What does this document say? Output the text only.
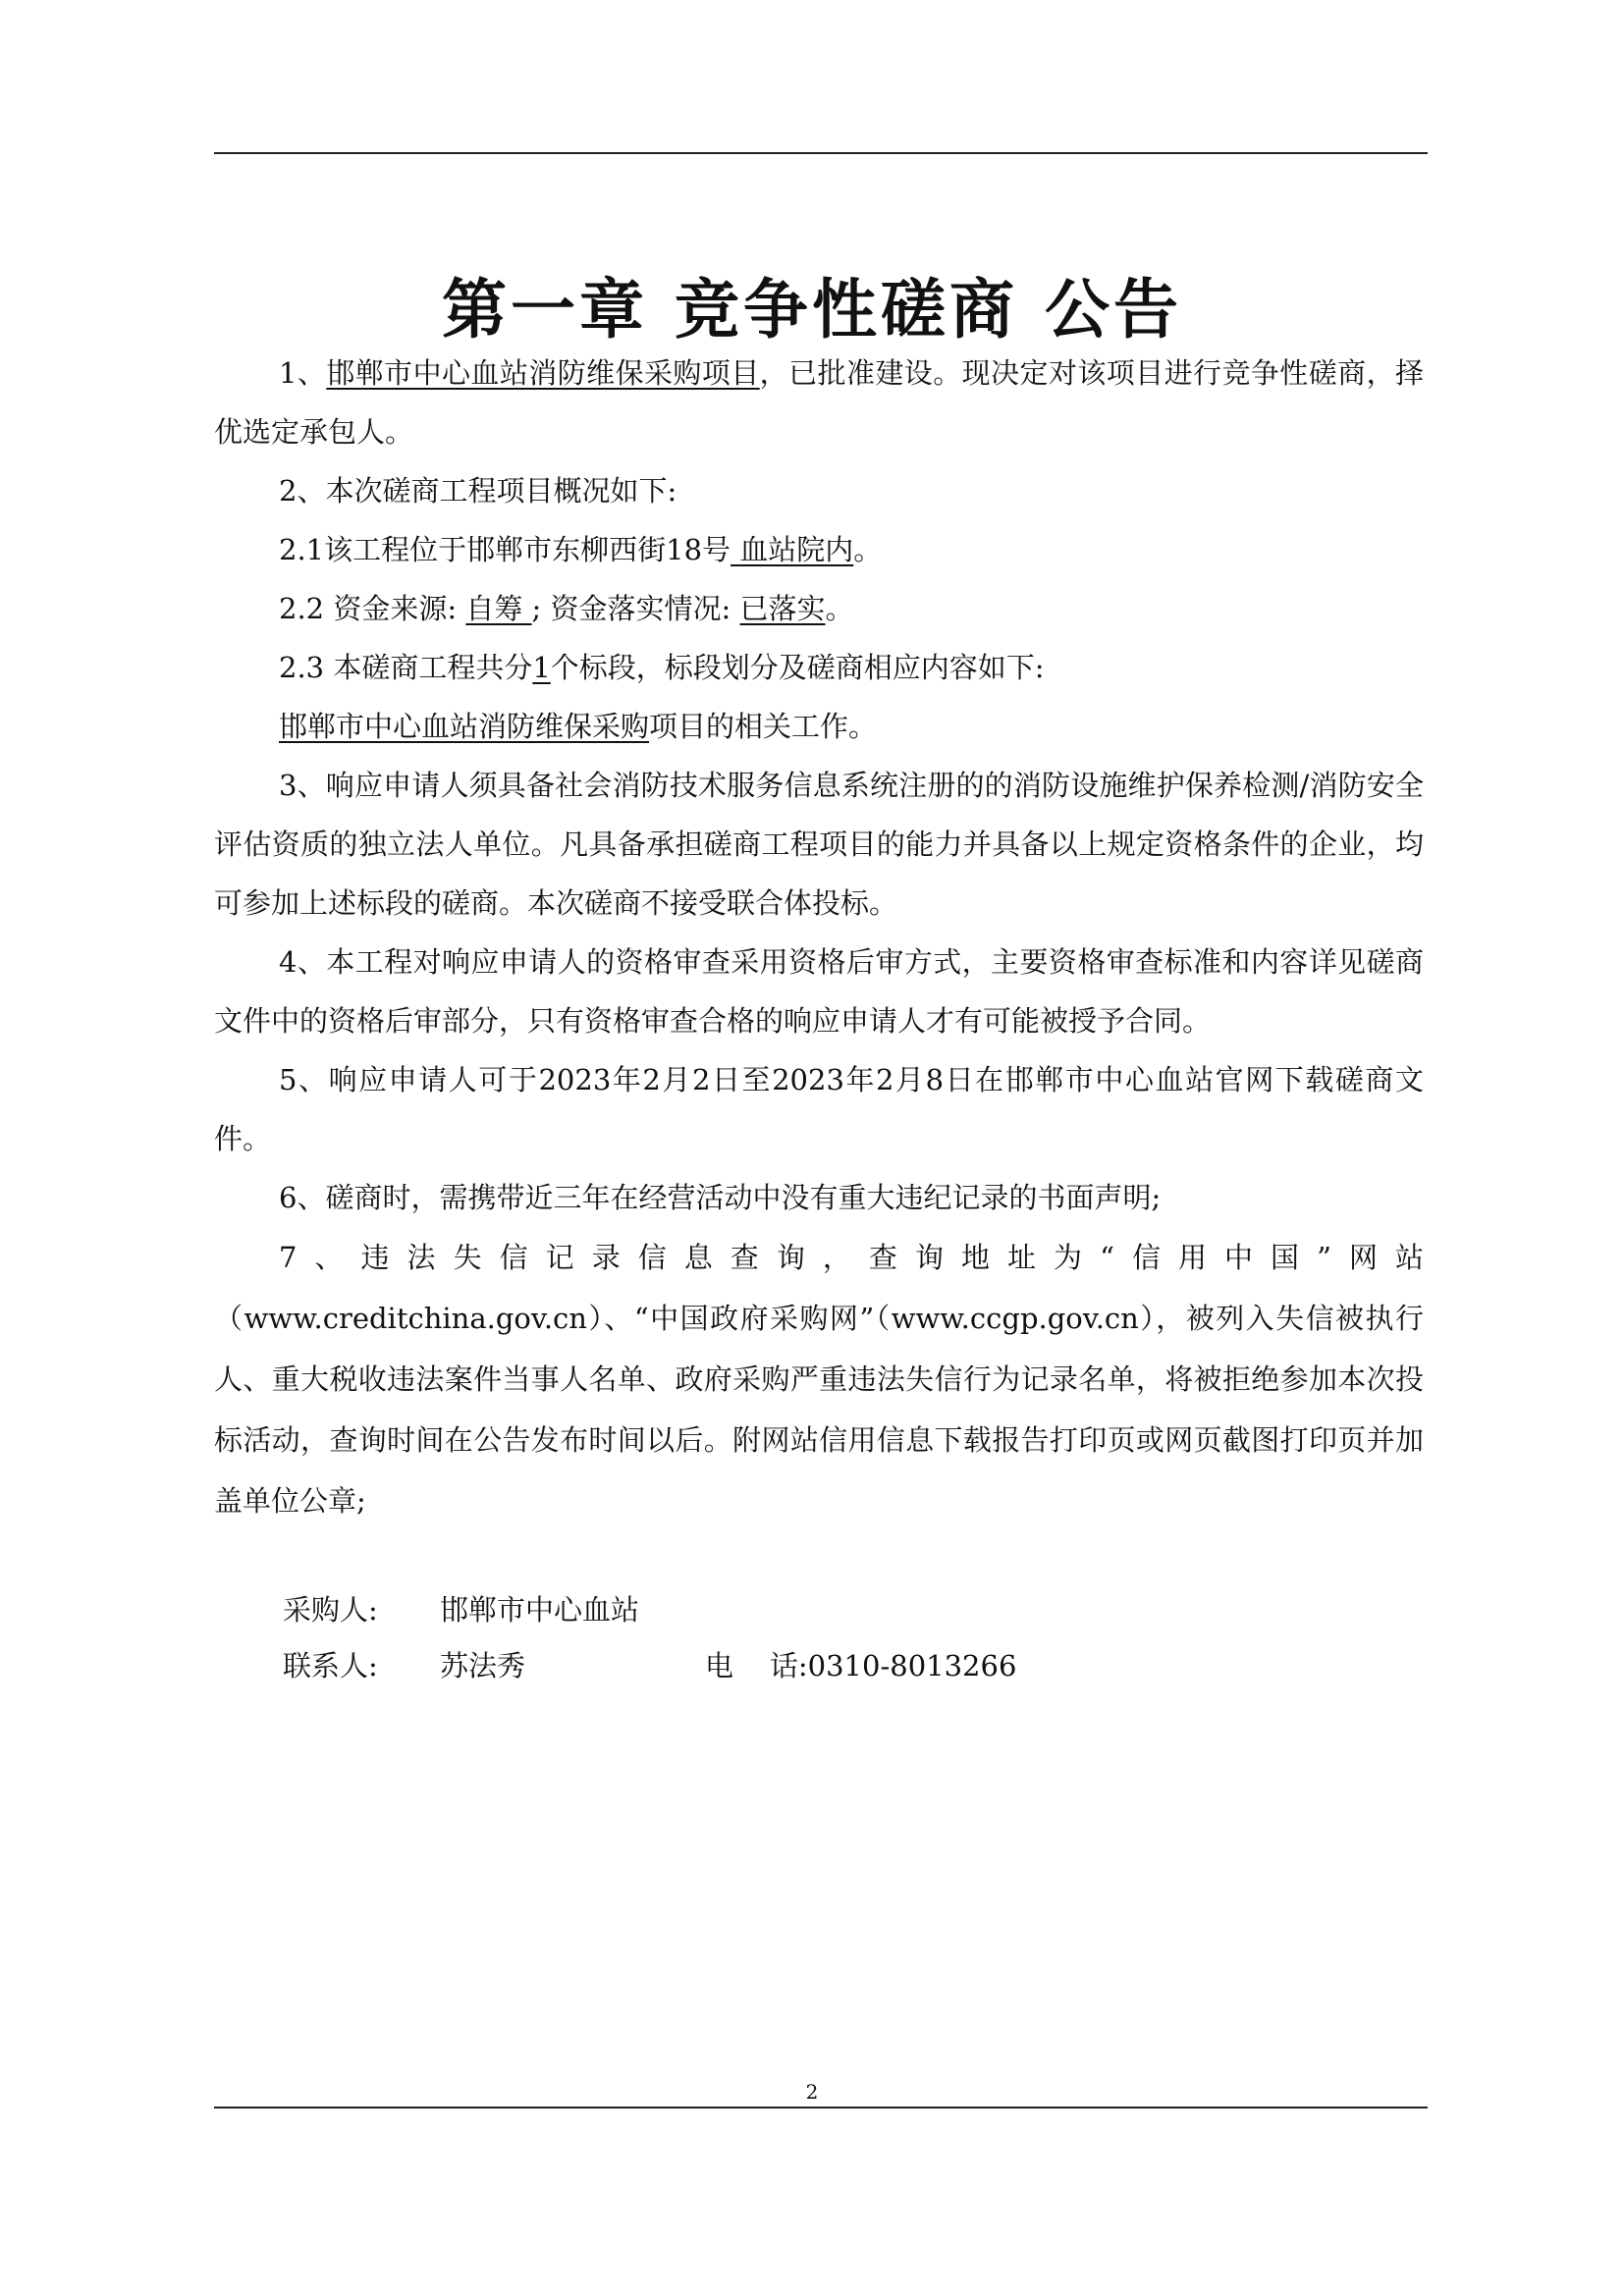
第一章 竞争性磋商 公告

1、邯郸市中心血站消防维保采购项目，已批准建设。现决定对该项目进行竞争性磋商，择优选定承包人。

2、本次磋商工程项目概况如下:

2.1该工程位于邯郸市东柳西街18号 血站院内。

2.2 资金来源: 自筹 ; 资金落实情况: 已落实。

2.3 本磋商工程共分1个标段，标段划分及磋商相应内容如下:

邯郸市中心血站消防维保采购项目的相关工作。

3、响应申请人须具备社会消防技术服务信息系统注册的的消防设施维护保养检测/消防安全评估资质的独立法人单位。凡具备承担磋商工程项目的能力并具备以上规定资格条件的企业，均可参加上述标段的磋商。本次磋商不接受联合体投标。

4、本工程对响应申请人的资格审查采用资格后审方式，主要资格审查标准和内容详见磋商文件中的资格后审部分，只有资格审查合格的响应申请人才有可能被授予合同。

5、响应申请人可于2023年2月2日至2023年2月8日在邯郸市中心血站官网下载磋商文件。

6、磋商时，需携带近三年在经营活动中没有重大违纪记录的书面声明;

7、违法失信记录信息查询，查询地址为“信用中国”网站（www.creditchina.gov.cn）、“中国政府采购网”（www.ccgp.gov.cn），被列入失信被执行人、重大税收违法案件当事人名单、政府采购严重违法失信行为记录名单，将被拒绝参加本次投标活动，查询时间在公告发布时间以后。附网站信用信息下载报告打印页或网页截图打印页并加盖单位公章;

采购人: 邯郸市中心血站
联系人: 苏法秀	电    话:0310-8013266
2
